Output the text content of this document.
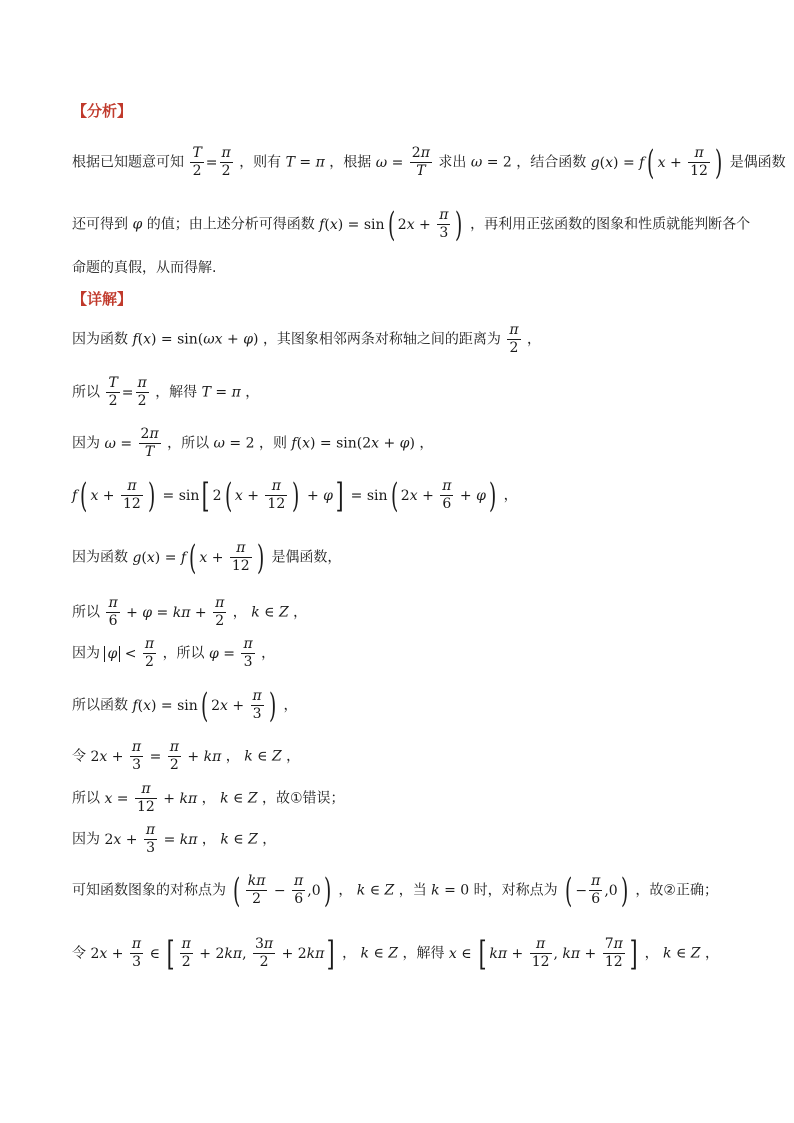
【分析】
根据已知题意可知 $\frac{T}{2} = \frac{\pi}{2}$ ，则有 T = π ，根据 $\omega = \frac{2\pi}{T}$ 求出 ω = 2 ，结合函数 g(x) = f( $x + \frac{\pi}{12}$ ) 是偶函数
还可得到 φ 的值；由上述分析可得函数 f(x) = sin( $2x + \frac{\pi}{3}$ ) ，再利用正弦函数的图象和性质就能判断各个
命题的真假，从而得解.
【详解】
因为函数 f(x) = sin(ωx + φ) ，其图象相邻两条对称轴之间的距离为 $\frac{\pi}{2}$ ，
所以 $\frac{T}{2} = \frac{\pi}{2}$ ，解得 T = π ，
因为 $\omega = \frac{2\pi}{T}$ ，所以 ω = 2 ，则 f(x) = sin(2x + φ) ，
f( $x + \frac{\pi}{12}$ ) = sin[ 2( $x + \frac{\pi}{12}$ ) + φ] = sin( $2x + \frac{\pi}{6} + \varphi$) ，
因为函数 g(x) = f( $x + \frac{\pi}{12}$ ) 是偶函数，
所以 $\frac{\pi}{6} + \varphi = k\pi + \frac{\pi}{2}$ ， k ∈ Z ，
因为 $\varphi < \frac{\pi}{2}$ ，所以 $\varphi = \frac{\pi}{3}$ ，
所以函数 f(x) = sin( $2x + \frac{\pi}{3}$ ) ，
令 $2x + \frac{\pi}{3} = \frac{\pi}{2} + k\pi$ ， k ∈ Z ，
所以 $x = \frac{\pi}{12} + k\pi$ ， k ∈ Z ，故①错误；
因为 $2x + \frac{\pi}{3} = k\pi$ ， k ∈ Z ，
可知函数图象的对称点为 ( $\frac{k\pi}{2} - \frac{\pi}{6} ,0$) ， k ∈ Z ，当 k = 0 时，对称点为 ( − $\frac{\pi}{6} ,0$) ，故②正确；
令 $2x + \frac{\pi}{3}$ ∈ [ $\frac{\pi}{2} + 2k\pi$, $\frac{3\pi}{2} + 2k\pi$] ， k ∈ Z ，解得 x ∈ [ $k\pi + \frac{\pi}{12}$ , $k\pi + \frac{7\pi}{12}$ ] ， k ∈ Z ，
